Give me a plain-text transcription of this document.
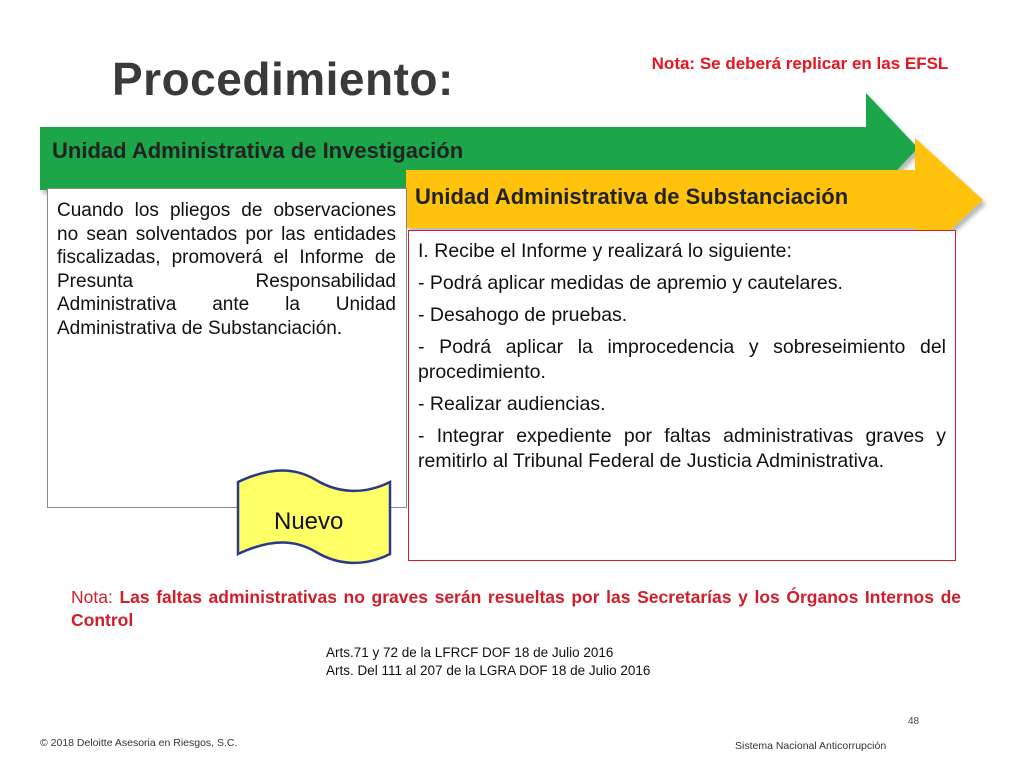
Procedimiento:	Nota: Se deberá replicar en las EFSL
Unidad Administrativa de Investigación
Cuando los pliegos de observaciones no sean solventados por las entidades fiscalizadas, promoverá el Informe de Presunta Responsabilidad Administrativa ante la Unidad Administrativa de Substanciación.
Unidad Administrativa de Substanciación

I. Recibe el Informe y realizará lo siguiente:

- Podrá aplicar medidas de apremio y cautelares.

- Desahogo de pruebas.

- Podrá aplicar la improcedencia y sobreseimiento del procedimiento.

- Realizar audiencias.

- Integrar expediente por faltas administrativas graves y remitirlo al Tribunal Federal de Justicia Administrativa.

Nuevo
Nota: Las faltas administrativas no graves serán resueltas por las Secretarías y los Órganos Internos de Control
Arts.71 y 72 de la LFRCF DOF 18 de Julio 2016
Arts. Del 111 al 207 de la LGRA DOF 18 de Julio 2016
48
© 2018 Deloitte Asesoria en Riesgos, S.C.	Sistema Nacional Anticorrupción
